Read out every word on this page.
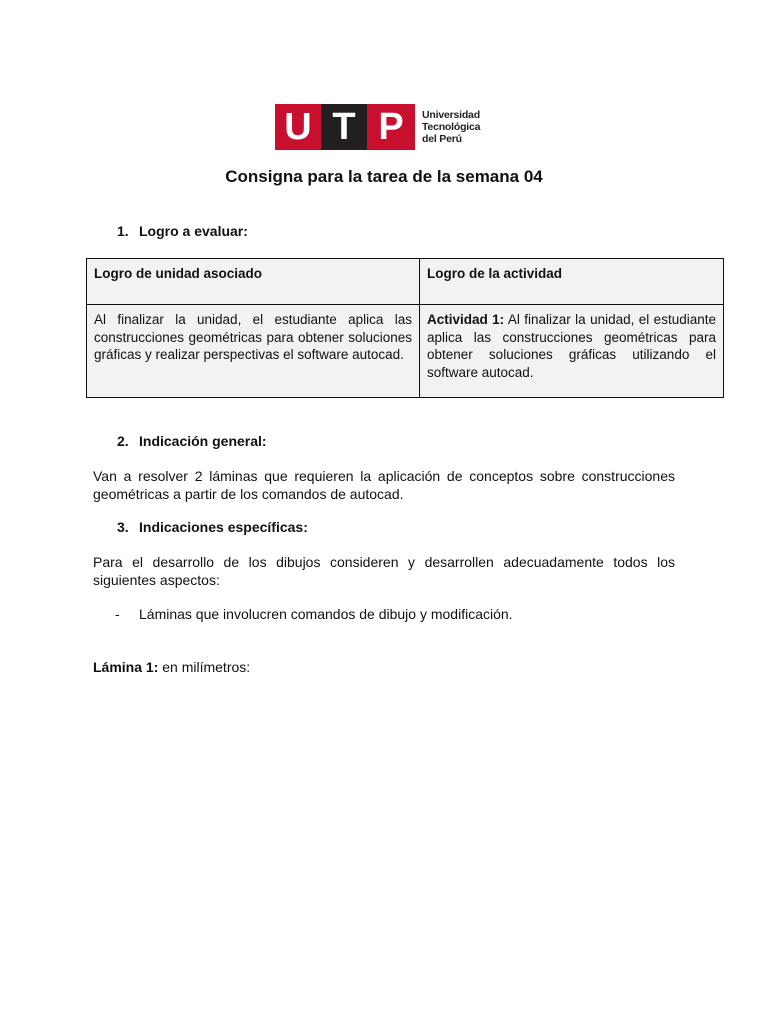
U T P	Universidad
Tecnológica
del Perú
Consigna para la tarea de la semana 04
1. Logro a evaluar:
Logro de unidad asociado	Logro de la actividad
Al finalizar la unidad, el estudiante aplica las construcciones geométricas para obtener soluciones gráficas y realizar perspectivas el software autocad.	Actividad 1: Al finalizar la unidad, el estudiante aplica las construcciones geométricas para obtener soluciones gráficas utilizando el software autocad.
2. Indicación general:

Van a resolver 2 láminas que requieren la aplicación de conceptos sobre construcciones geométricas a partir de los comandos de autocad.

3. Indicaciones específicas:

Para el desarrollo de los dibujos consideren y desarrollen adecuadamente todos los siguientes aspectos:

- Láminas que involucren comandos de dibujo y modificación.

Lámina 1: en milímetros:
